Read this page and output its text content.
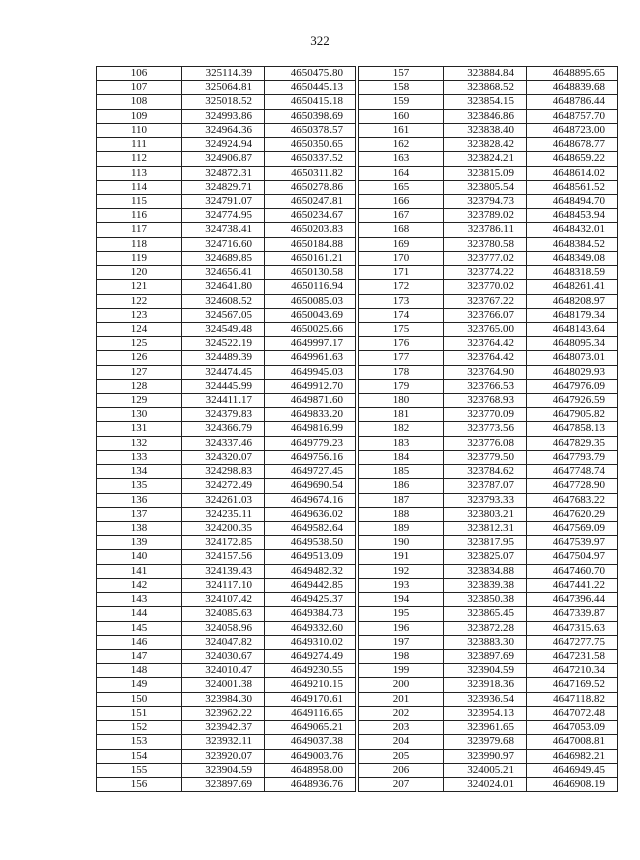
322
106	325114.39	4650475.80
107	325064.81	4650445.13
108	325018.52	4650415.18
109	324993.86	4650398.69
110	324964.36	4650378.57
111	324924.94	4650350.65
112	324906.87	4650337.52
113	324872.31	4650311.82
114	324829.71	4650278.86
115	324791.07	4650247.81
116	324774.95	4650234.67
117	324738.41	4650203.83
118	324716.60	4650184.88
119	324689.85	4650161.21
120	324656.41	4650130.58
121	324641.80	4650116.94
122	324608.52	4650085.03
123	324567.05	4650043.69
124	324549.48	4650025.66
125	324522.19	4649997.17
126	324489.39	4649961.63
127	324474.45	4649945.03
128	324445.99	4649912.70
129	324411.17	4649871.60
130	324379.83	4649833.20
131	324366.79	4649816.99
132	324337.46	4649779.23
133	324320.07	4649756.16
134	324298.83	4649727.45
135	324272.49	4649690.54
136	324261.03	4649674.16
137	324235.11	4649636.02
138	324200.35	4649582.64
139	324172.85	4649538.50
140	324157.56	4649513.09
141	324139.43	4649482.32
142	324117.10	4649442.85
143	324107.42	4649425.37
144	324085.63	4649384.73
145	324058.96	4649332.60
146	324047.82	4649310.02
147	324030.67	4649274.49
148	324010.47	4649230.55
149	324001.38	4649210.15
150	323984.30	4649170.61
151	323962.22	4649116.65
152	323942.37	4649065.21
153	323932.11	4649037.38
154	323920.07	4649003.76
155	323904.59	4648958.00
156	323897.69	4648936.76
157	323884.84	4648895.65
158	323868.52	4648839.68
159	323854.15	4648786.44
160	323846.86	4648757.70
161	323838.40	4648723.00
162	323828.42	4648678.77
163	323824.21	4648659.22
164	323815.09	4648614.02
165	323805.54	4648561.52
166	323794.73	4648494.70
167	323789.02	4648453.94
168	323786.11	4648432.01
169	323780.58	4648384.52
170	323777.02	4648349.08
171	323774.22	4648318.59
172	323770.02	4648261.41
173	323767.22	4648208.97
174	323766.07	4648179.34
175	323765.00	4648143.64
176	323764.42	4648095.34
177	323764.42	4648073.01
178	323764.90	4648029.93
179	323766.53	4647976.09
180	323768.93	4647926.59
181	323770.09	4647905.82
182	323773.56	4647858.13
183	323776.08	4647829.35
184	323779.50	4647793.79
185	323784.62	4647748.74
186	323787.07	4647728.90
187	323793.33	4647683.22
188	323803.21	4647620.29
189	323812.31	4647569.09
190	323817.95	4647539.97
191	323825.07	4647504.97
192	323834.88	4647460.70
193	323839.38	4647441.22
194	323850.38	4647396.44
195	323865.45	4647339.87
196	323872.28	4647315.63
197	323883.30	4647277.75
198	323897.69	4647231.58
199	323904.59	4647210.34
200	323918.36	4647169.52
201	323936.54	4647118.82
202	323954.13	4647072.48
203	323961.65	4647053.09
204	323979.68	4647008.81
205	323990.97	4646982.21
206	324005.21	4646949.45
207	324024.01	4646908.19
